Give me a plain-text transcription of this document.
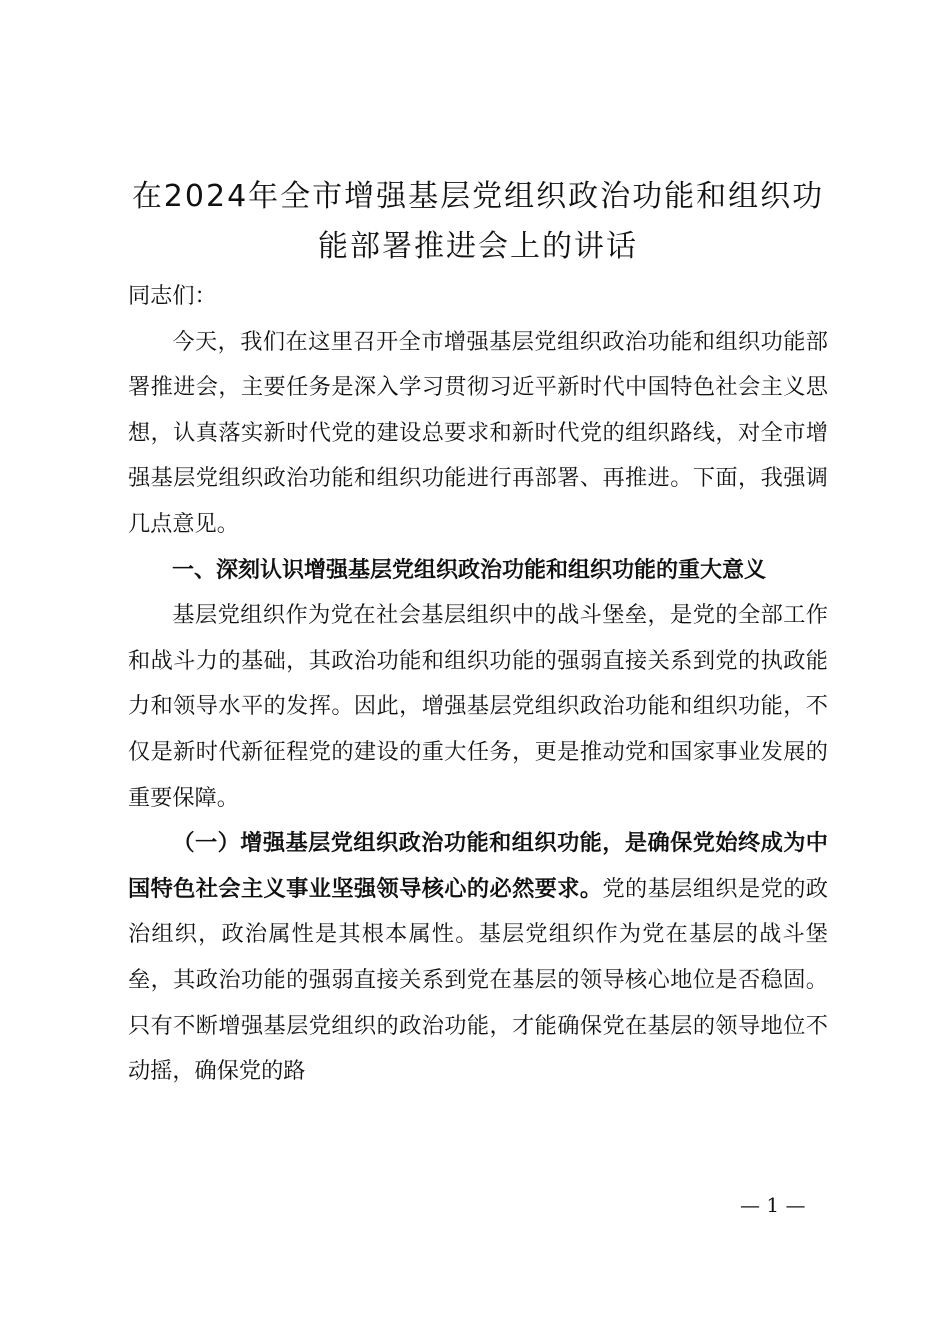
在2024年全市增强基层党组织政治功能和组织功能部署推进会上的讲话

同志们：

今天，我们在这里召开全市增强基层党组织政治功能和组织功能部署推进会，主要任务是深入学习贯彻习近平新时代中国特色社会主义思想，认真落实新时代党的建设总要求和新时代党的组织路线，对全市增强基层党组织政治功能和组织功能进行再部署、再推进。下面，我强调几点意见。

一、深刻认识增强基层党组织政治功能和组织功能的重大意义

基层党组织作为党在社会基层组织中的战斗堡垒，是党的全部工作和战斗力的基础，其政治功能和组织功能的强弱直接关系到党的执政能力和领导水平的发挥。因此，增强基层党组织政治功能和组织功能，不仅是新时代新征程党的建设的重大任务，更是推动党和国家事业发展的重要保障。

（一）增强基层党组织政治功能和组织功能，是确保党始终成为中国特色社会主义事业坚强领导核心的必然要求。党的基层组织是党的政治组织，政治属性是其根本属性。基层党组织作为党在基层的战斗堡垒，其政治功能的强弱直接关系到党在基层的领导核心地位是否稳固。只有不断增强基层党组织的政治功能，才能确保党在基层的领导地位不动摇，确保党的路

— 1 —
